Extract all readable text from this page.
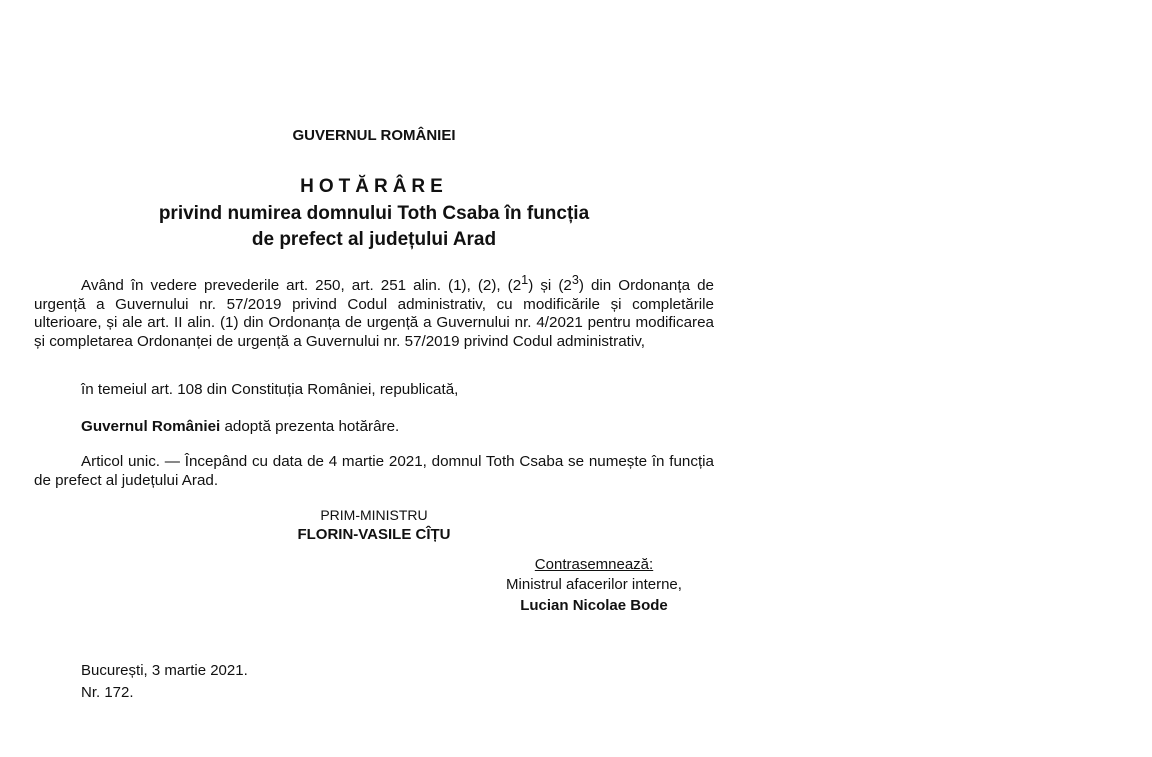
GUVERNUL ROMÂNIEI
HOTĂRÂRE
privind numirea domnului Toth Csaba în funcția
de prefect al județului Arad
Având în vedere prevederile art. 250, art. 251 alin. (1), (2), $(2^1)$ și $(2^3)$ din Ordonanța de urgență a Guvernului nr. 57/2019 privind Codul administrativ, cu modificările și completările ulterioare, și ale art. II alin. (1) din Ordonanța de urgență a Guvernului nr. 4/2021 pentru modificarea și completarea Ordonanței de urgență a Guvernului nr. 57/2019 privind Codul administrativ,
în temeiul art. 108 din Constituția României, republicată,
Guvernul României adoptă prezenta hotărâre.
Articol unic. — Începând cu data de 4 martie 2021, domnul Toth Csaba se numește în funcția de prefect al județului Arad.
PRIM-MINISTRU
FLORIN-VASILE CÎȚU
Contrasemnează:
Ministrul afacerilor interne,
Lucian Nicolae Bode
București, 3 martie 2021.
Nr. 172.
